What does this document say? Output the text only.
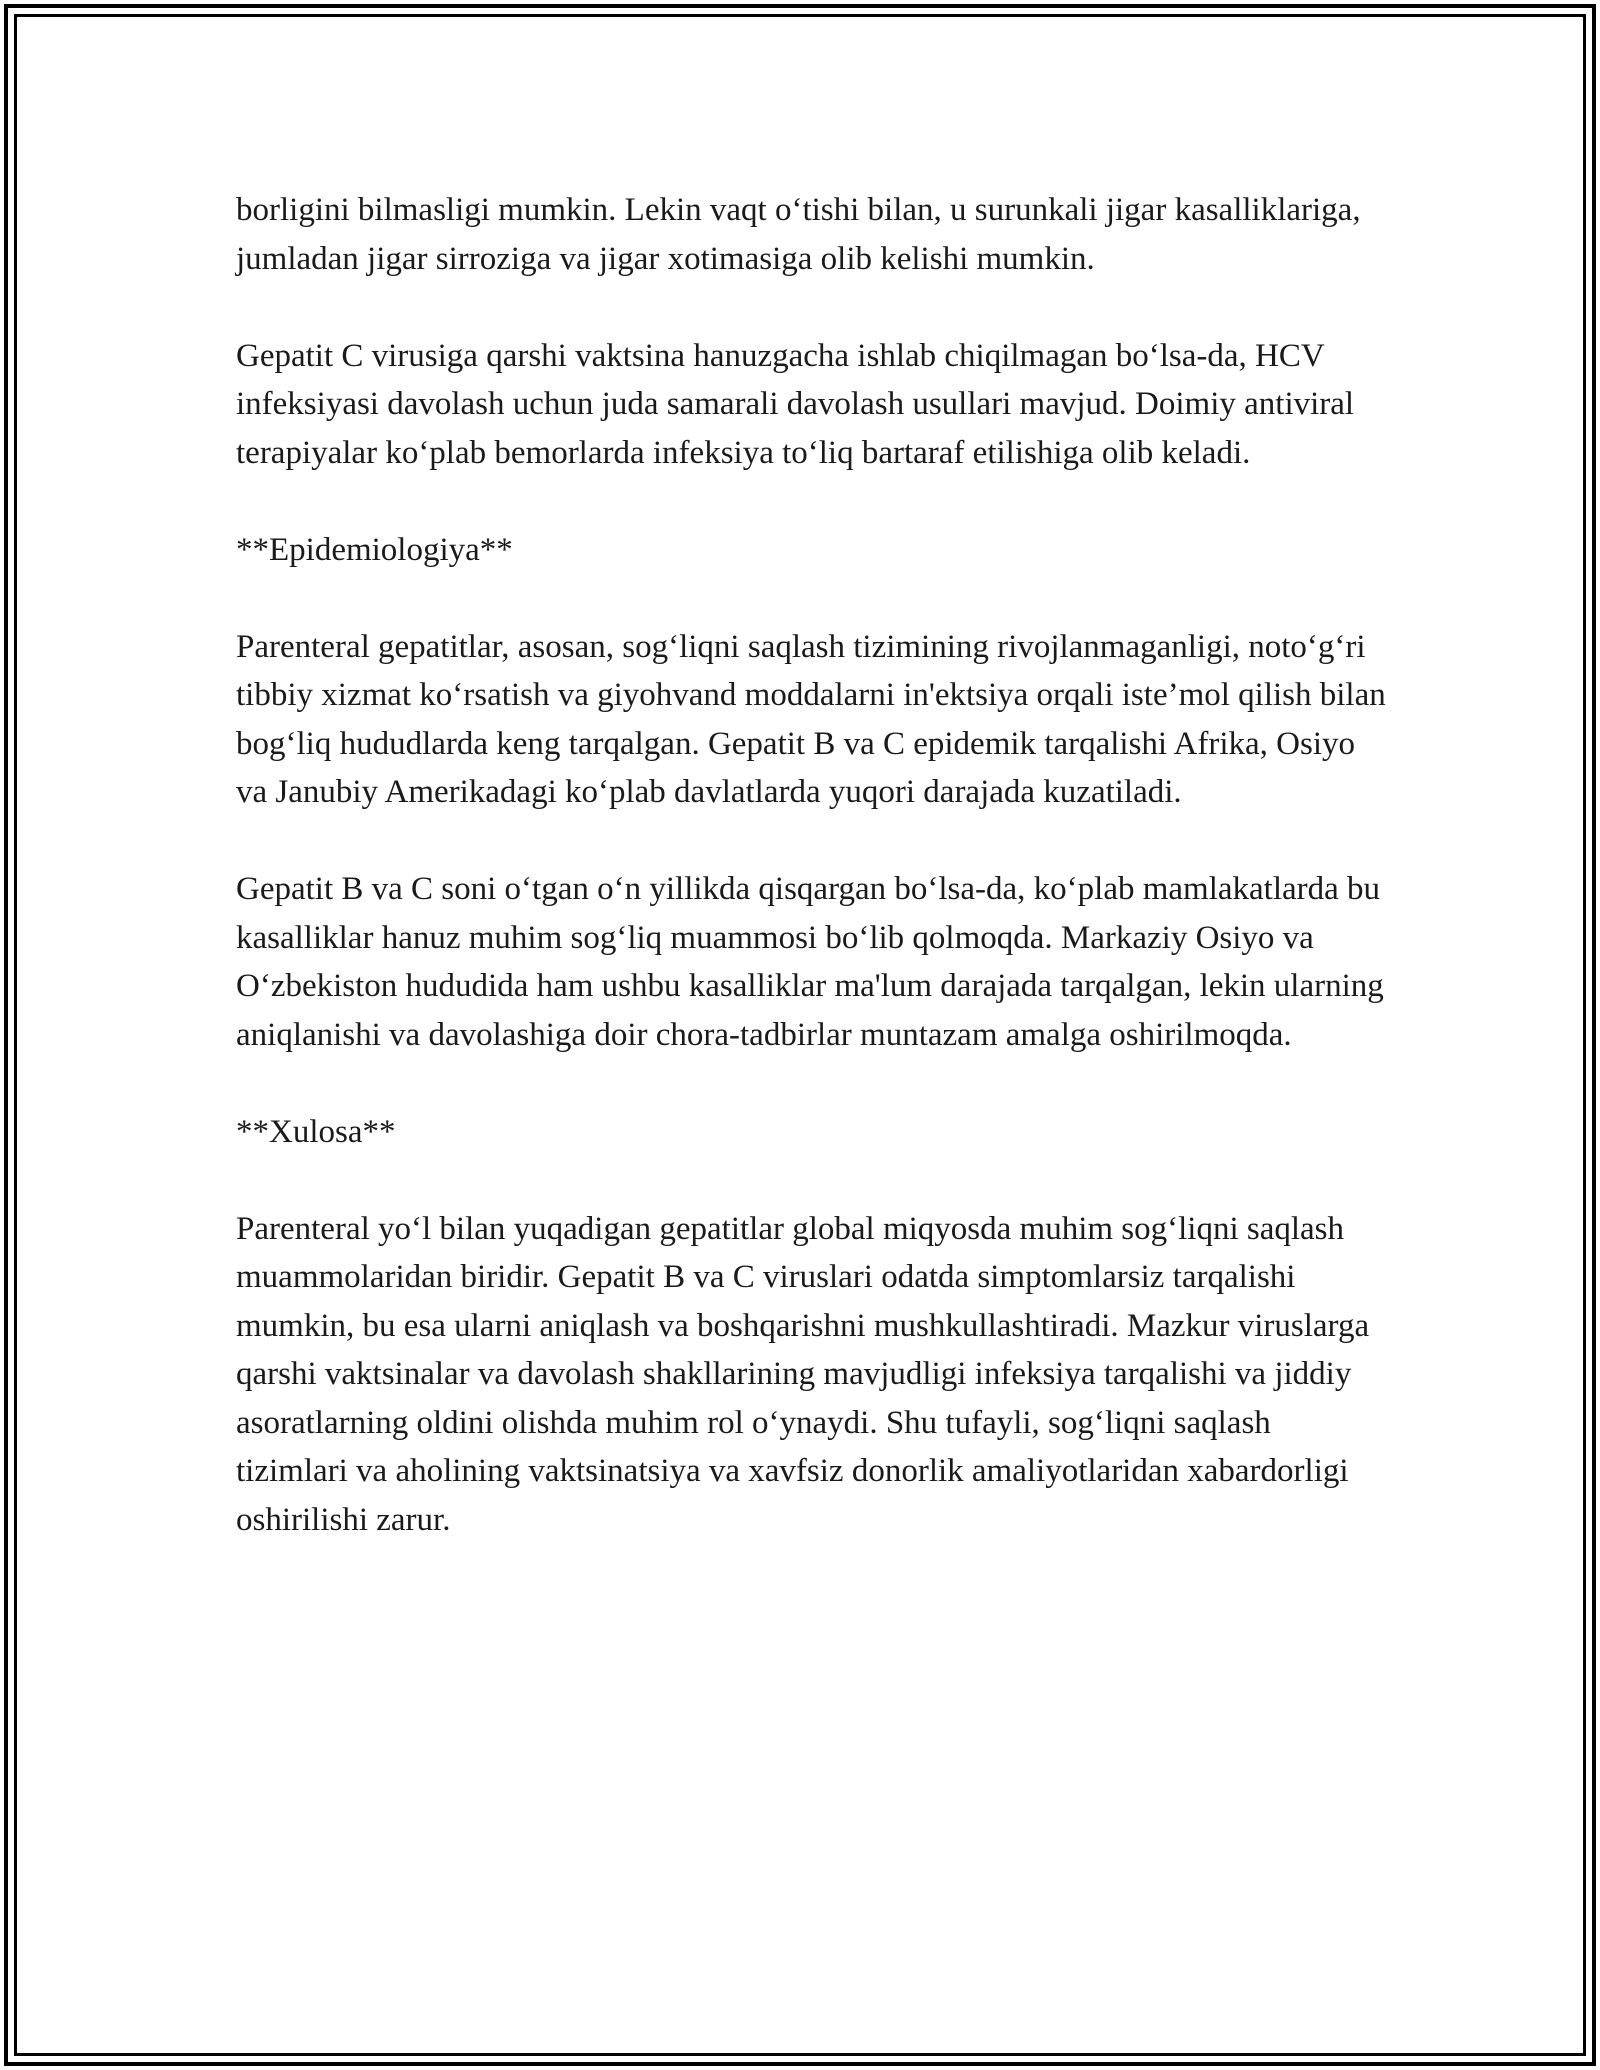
borligini bilmasligi mumkin. Lekin vaqt o‘tishi bilan, u surunkali jigar kasalliklariga, jumladan jigar sirroziga va jigar xotimasiga olib kelishi mumkin.

Gepatit C virusiga qarshi vaktsina hanuzgacha ishlab chiqilmagan bo‘lsa-da, HCV infeksiyasi davolash uchun juda samarali davolash usullari mavjud. Doimiy antiviral terapiyalar ko‘plab bemorlarda infeksiya to‘liq bartaraf etilishiga olib keladi.

**Epidemiologiya**

Parenteral gepatitlar, asosan, sog‘liqni saqlash tizimining rivojlanmaganligi, noto‘g‘ri tibbiy xizmat ko‘rsatish va giyohvand moddalarni in'ektsiya orqali iste’mol qilish bilan bog‘liq hududlarda keng tarqalgan. Gepatit B va C epidemik tarqalishi Afrika, Osiyo va Janubiy Amerikadagi ko‘plab davlatlarda yuqori darajada kuzatiladi.

Gepatit B va C soni o‘tgan o‘n yillikda qisqargan bo‘lsa-da, ko‘plab mamlakatlarda bu kasalliklar hanuz muhim sog‘liq muammosi bo‘lib qolmoqda. Markaziy Osiyo va O‘zbekiston hududida ham ushbu kasalliklar ma'lum darajada tarqalgan, lekin ularning aniqlanishi va davolashiga doir chora-tadbirlar muntazam amalga oshirilmoqda.

**Xulosa**

Parenteral yo‘l bilan yuqadigan gepatitlar global miqyosda muhim sog‘liqni saqlash muammolaridan biridir. Gepatit B va C viruslari odatda simptomlarsiz tarqalishi mumkin, bu esa ularni aniqlash va boshqarishni mushkullashtiradi. Mazkur viruslarga qarshi vaktsinalar va davolash shakllarining mavjudligi infeksiya tarqalishi va jiddiy asoratlarning oldini olishda muhim rol o‘ynaydi. Shu tufayli, sog‘liqni saqlash tizimlari va aholining vaktsinatsiya va xavfsiz donorlik amaliyotlaridan xabardorligi oshirilishi zarur.
